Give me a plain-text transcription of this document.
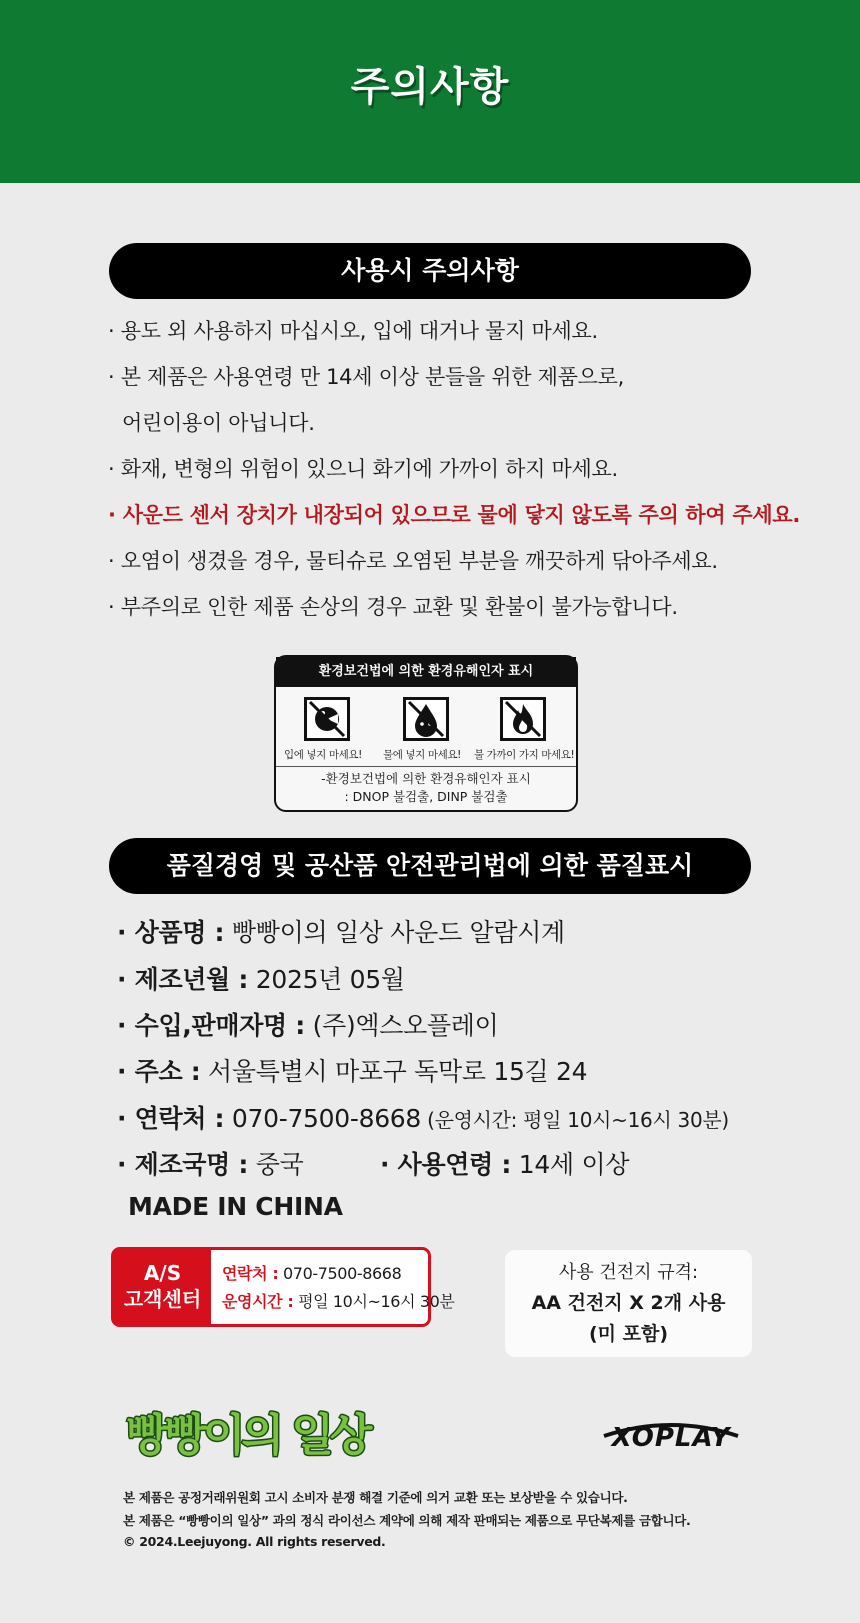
주의사항
사용시 주의사항
· 용도 외 사용하지 마십시오, 입에 대거나 물지 마세요.
· 본 제품은 사용연령 만 14세 이상 분들을 위한 제품으로,
어린이용이 아닙니다.
· 화재, 변형의 위험이 있으니 화기에 가까이 하지 마세요.
· 사운드 센서 장치가 내장되어 있으므로 물에 닿지 않도록 주의 하여 주세요.
· 오염이 생겼을 경우, 물티슈로 오염된 부분을 깨끗하게 닦아주세요.
· 부주의로 인한 제품 손상의 경우 교환 및 환불이 불가능합니다.
환경보건법에 의한 환경유해인자 표시
입에 넣지 마세요! 물에 넣지 마세요! 불 가까이 가지 마세요!
-환경보건법에 의한 환경유해인자 표시
: DNOP 불검출, DINP 불검출
품질경영 및 공산품 안전관리법에 의한 품질표시
· 상품명 : 빵빵이의 일상 사운드 알람시계
· 제조년월 : 2025년 05월
· 수입,판매자명 : (주)엑스오플레이
· 주소 : 서울특별시 마포구 독막로 15길 24
· 연락처 : 070-7500-8668 (운영시간: 평일 10시~16시 30분)
· 제조국명 : 중국	· 사용연령 : 14세 이상
MADE IN CHINA
A/S
고객센터
연락처 : 070-7500-8668
운영시간 : 평일 10시~16시 30분
사용 건전지 규격:
AA 건전지 X 2개 사용
(미 포함)
빵빵이의 일상	XOPLAY
본 제품은 공정거래위원회 고시 소비자 분쟁 해결 기준에 의거 교환 또는 보상받을 수 있습니다.
본 제품은 “빵빵이의 일상” 과의 정식 라이선스 계약에 의해 제작 판매되는 제품으로 무단복제를 금합니다.
© 2024.Leejuyong. All rights reserved.
